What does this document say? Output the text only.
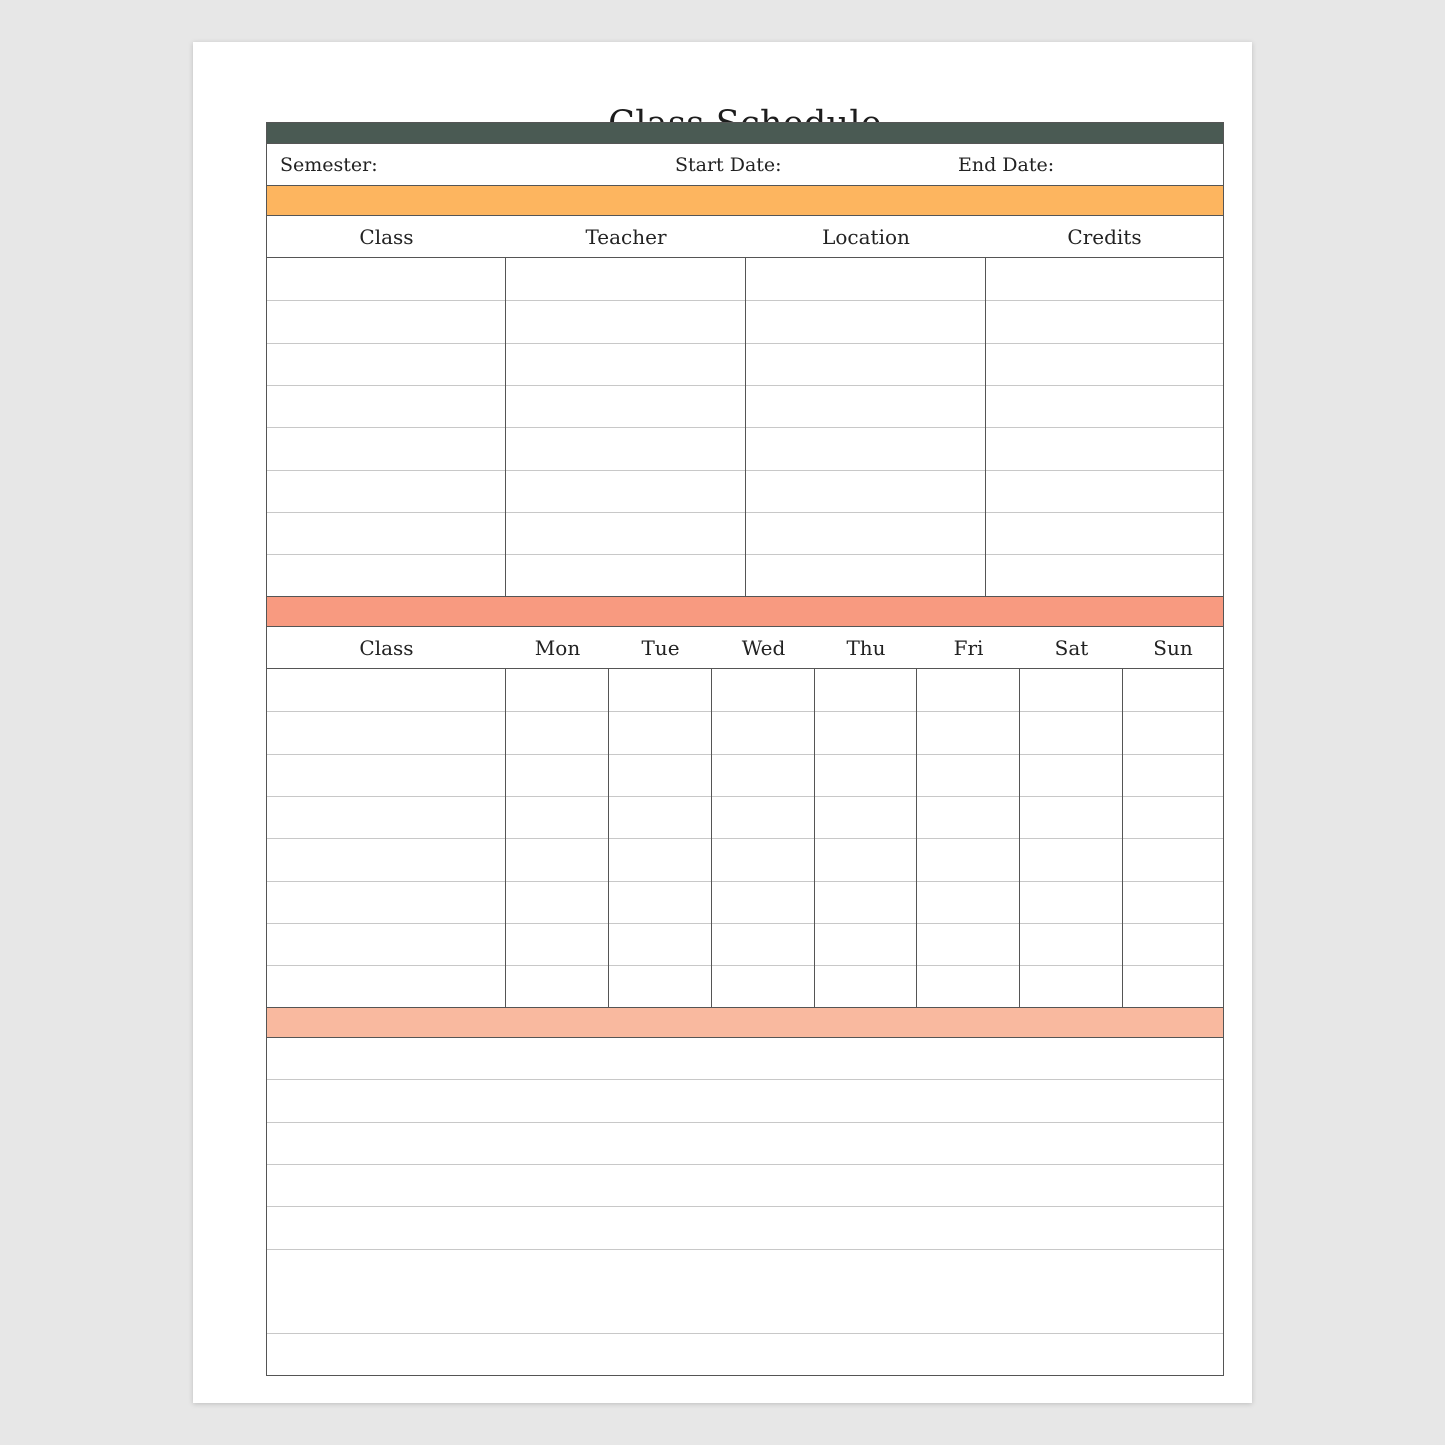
Semester:	Start Date:	End Date:
Class	Teacher	Location	Credits
Class	Mon	Tue	Wed	Thu	Fri	Sat	Sun
